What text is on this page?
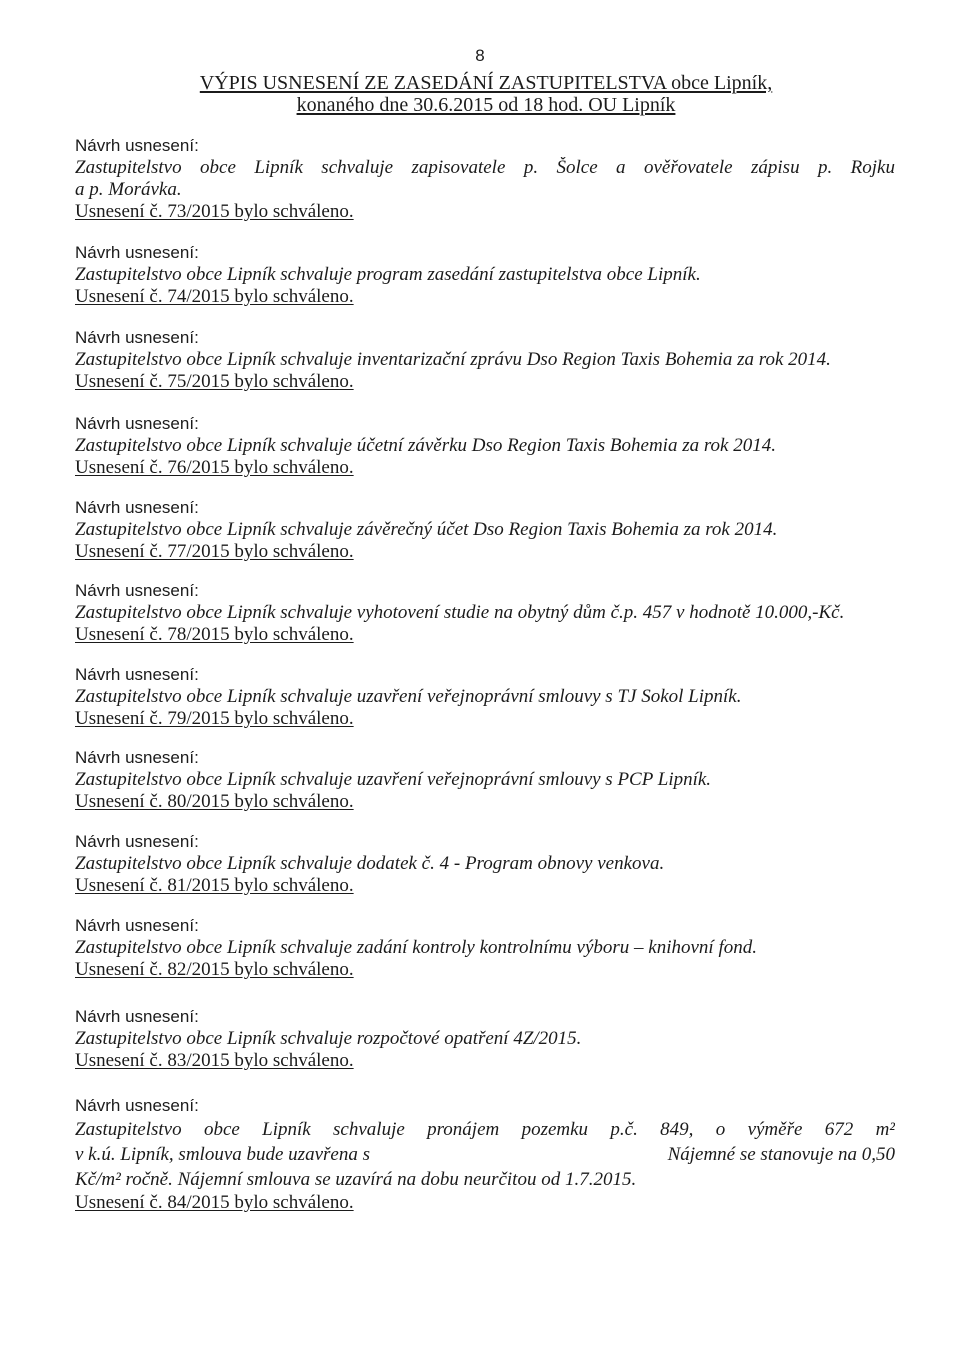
8
VÝPIS USNESENÍ ZE ZASEDÁNÍ ZASTUPITELSTVA obce Lipník,
konaného dne 30.6.2015 od 18 hod. OU Lipník
Návrh usnesení:
Zastupitelstvo obce Lipník schvaluje zapisovatele p. Šolce a ověřovatele zápisu p. Rojku
a p. Morávka.
Usnesení č. 73/2015 bylo schváleno.
Návrh usnesení:
Zastupitelstvo obce Lipník schvaluje program zasedání zastupitelstva obce Lipník.
Usnesení č. 74/2015 bylo schváleno.
Návrh usnesení:
Zastupitelstvo obce Lipník schvaluje inventarizační zprávu Dso Region Taxis Bohemia za rok 2014.
Usnesení č. 75/2015 bylo schváleno.
Návrh usnesení:
Zastupitelstvo obce Lipník schvaluje účetní závěrku Dso Region Taxis Bohemia za rok 2014.
Usnesení č. 76/2015 bylo schváleno.
Návrh usnesení:
Zastupitelstvo obce Lipník schvaluje závěrečný účet Dso Region Taxis Bohemia za rok 2014.
Usnesení č. 77/2015 bylo schváleno.
Návrh usnesení:
Zastupitelstvo obce Lipník schvaluje vyhotovení studie na obytný dům č.p. 457 v hodnotě 10.000,-Kč.
Usnesení č. 78/2015 bylo schváleno.
Návrh usnesení:
Zastupitelstvo obce Lipník schvaluje uzavření veřejnoprávní smlouvy s TJ Sokol Lipník.
Usnesení č. 79/2015 bylo schváleno.
Návrh usnesení:
Zastupitelstvo obce Lipník schvaluje uzavření veřejnoprávní smlouvy s PCP Lipník.
Usnesení č. 80/2015 bylo schváleno.
Návrh usnesení:
Zastupitelstvo obce Lipník schvaluje dodatek č. 4 - Program obnovy venkova.
Usnesení č. 81/2015 bylo schváleno.
Návrh usnesení:
Zastupitelstvo obce Lipník schvaluje zadání kontroly kontrolnímu výboru – knihovní fond.
Usnesení č. 82/2015 bylo schváleno.
Návrh usnesení:
Zastupitelstvo obce Lipník schvaluje rozpočtové opatření 4Z/2015.
Usnesení č. 83/2015 bylo schváleno.
Návrh usnesení:
Zastupitelstvo obce Lipník schvaluje pronájem pozemku p.č. 849, o výměře 672 m²
v k.ú. Lipník, smlouva bude uzavřena s	Nájemné se stanovuje na 0,50
Kč/m² ročně. Nájemní smlouva se uzavírá na dobu neurčitou od 1.7.2015.
Usnesení č. 84/2015 bylo schváleno.
